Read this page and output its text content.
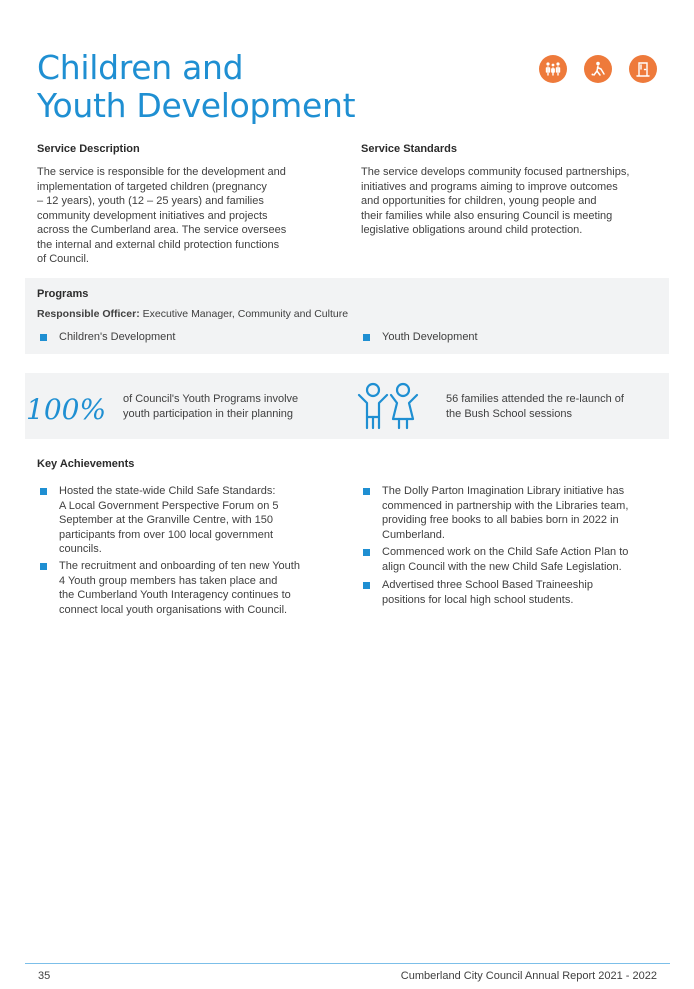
Children and
Youth Development
Service Description
The service is responsible for the development and
implementation of targeted children (pregnancy
– 12 years), youth (12 – 25 years) and families
community development initiatives and projects
across the Cumberland area. The service oversees
the internal and external child protection functions
of Council.
Service Standards
The service develops community focused partnerships,
initiatives and programs aiming to improve outcomes
and opportunities for children, young people and
their families while also ensuring Council is meeting
legislative obligations around child protection.
Programs
Responsible Officer: Executive Manager, Community and Culture
Children's Development	Youth Development
100% of Council's Youth Programs involve
youth participation in their planning
56 families attended the re-launch of
the Bush School sessions
Key Achievements
Hosted the state-wide Child Safe Standards:
A Local Government Perspective Forum on 5
September at the Granville Centre, with 150
participants from over 100 local government
councils.
The recruitment and onboarding of ten new Youth
4 Youth group members has taken place and
the Cumberland Youth Interagency continues to
connect local youth organisations with Council.
The Dolly Parton Imagination Library initiative has
commenced in partnership with the Libraries team,
providing free books to all babies born in 2022 in
Cumberland.
Commenced work on the Child Safe Action Plan to
align Council with the new Child Safe Legislation.
Advertised three School Based Traineeship
positions for local high school students.
35	Cumberland City Council Annual Report 2021 - 2022
